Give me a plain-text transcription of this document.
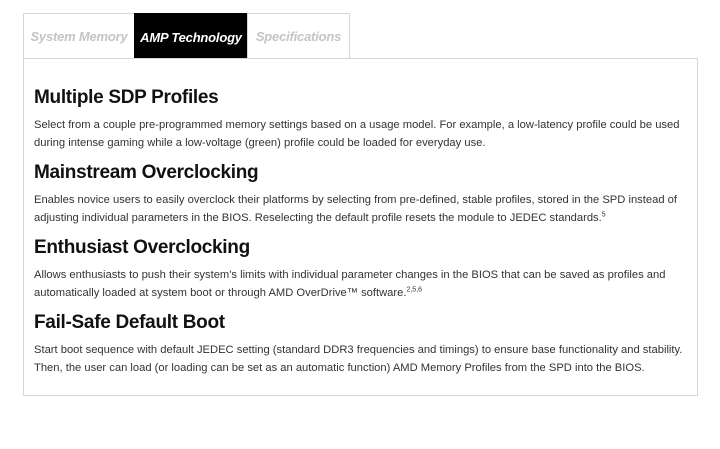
System Memory AMP Technology	Specifications
Multiple SDP Profiles

Select from a couple pre-programmed memory settings based on a usage model. For example, a low-latency profile could be used during intense gaming while a low-voltage (green) profile could be loaded for everyday use.

Mainstream Overclocking

Enables novice users to easily overclock their platforms by selecting from pre-defined, stable profiles, stored in the SPD instead of adjusting individual parameters in the BIOS. Reselecting the default profile resets the module to JEDEC standards.$^5$

Enthusiast Overclocking

Allows enthusiasts to push their system's limits with individual parameter changes in the BIOS that can be saved as profiles and automatically loaded at system boot or through AMD OverDrive™ software.$^{2,5,6}$

Fail-Safe Default Boot

Start boot sequence with default JEDEC setting (standard DDR3 frequencies and timings) to ensure base functionality and stability. Then, the user can load (or loading can be set as an automatic function) AMD Memory Profiles from the SPD into the BIOS.
